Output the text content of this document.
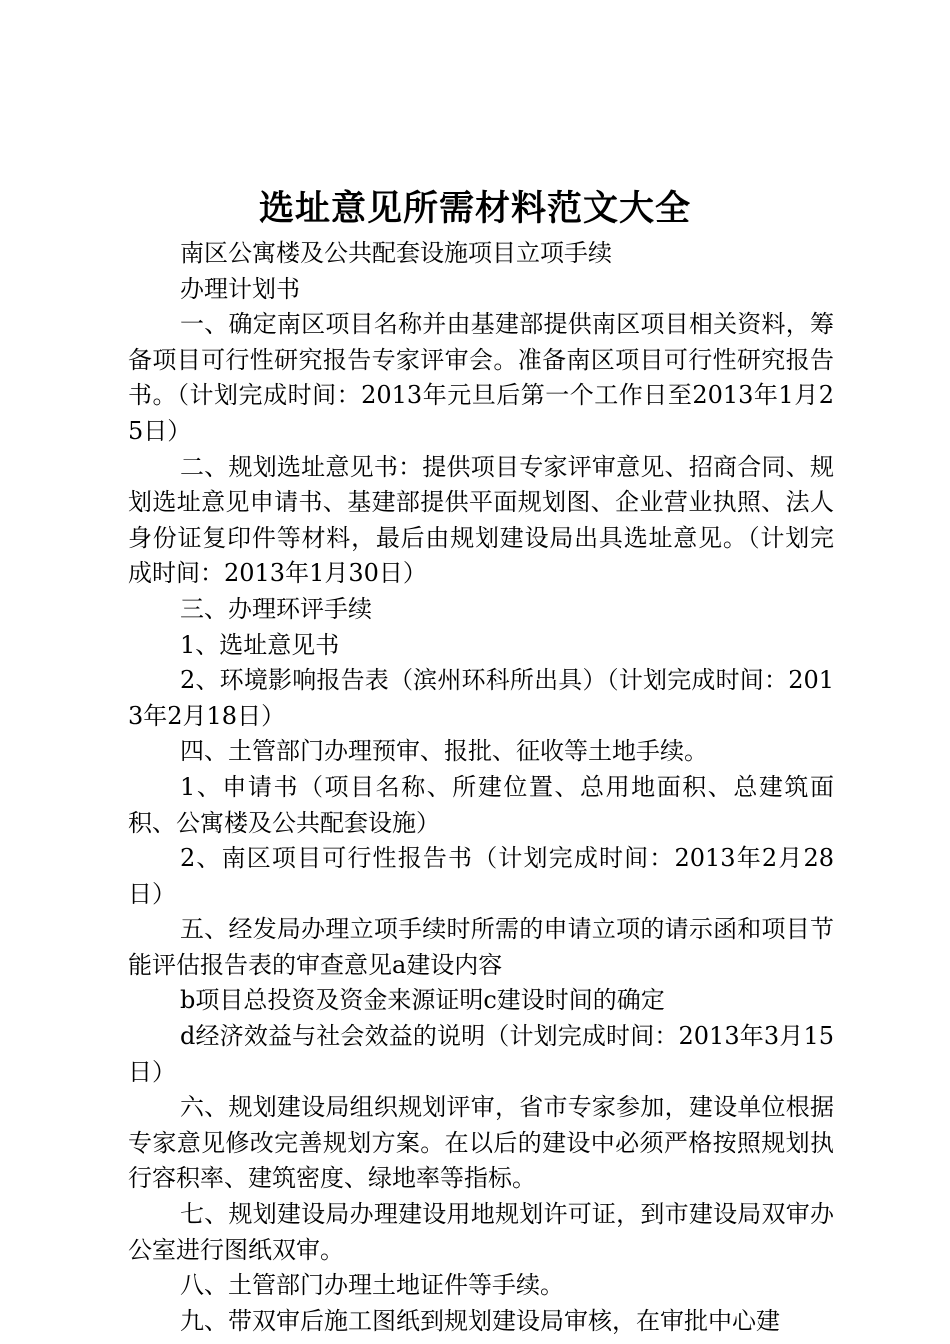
选址意见所需材料范文大全

南区公寓楼及公共配套设施项目立项手续

办理计划书

一、确定南区项目名称并由基建部提供南区项目相关资料，筹备项目可行性研究报告专家评审会。准备南区项目可行性研究报告书。（计划完成时间：2013年元旦后第一个工作日至2013年1月25日）

二、规划选址意见书：提供项目专家评审意见、招商合同、规划选址意见申请书、基建部提供平面规划图、企业营业执照、法人身份证复印件等材料，最后由规划建设局出具选址意见。（计划完成时间：2013年1月30日）

三、办理环评手续

1、选址意见书

2、环境影响报告表（滨州环科所出具）（计划完成时间：2013年2月18日）

四、土管部门办理预审、报批、征收等土地手续。

1、申请书（项目名称、所建位置、总用地面积、总建筑面积、公寓楼及公共配套设施）

2、南区项目可行性报告书（计划完成时间：2013年2月28日）

五、经发局办理立项手续时所需的申请立项的请示函和项目节能评估报告表的审查意见a建设内容

b项目总投资及资金来源证明c建设时间的确定

d经济效益与社会效益的说明（计划完成时间：2013年3月15日）

六、规划建设局组织规划评审，省市专家参加，建设单位根据专家意见修改完善规划方案。在以后的建设中必须严格按照规划执行容积率、建筑密度、绿地率等指标。

七、规划建设局办理建设用地规划许可证，到市建设局双审办公室进行图纸双审。

八、土管部门办理土地证件等手续。

九、带双审后施工图纸到规划建设局审核，在审批中心建
